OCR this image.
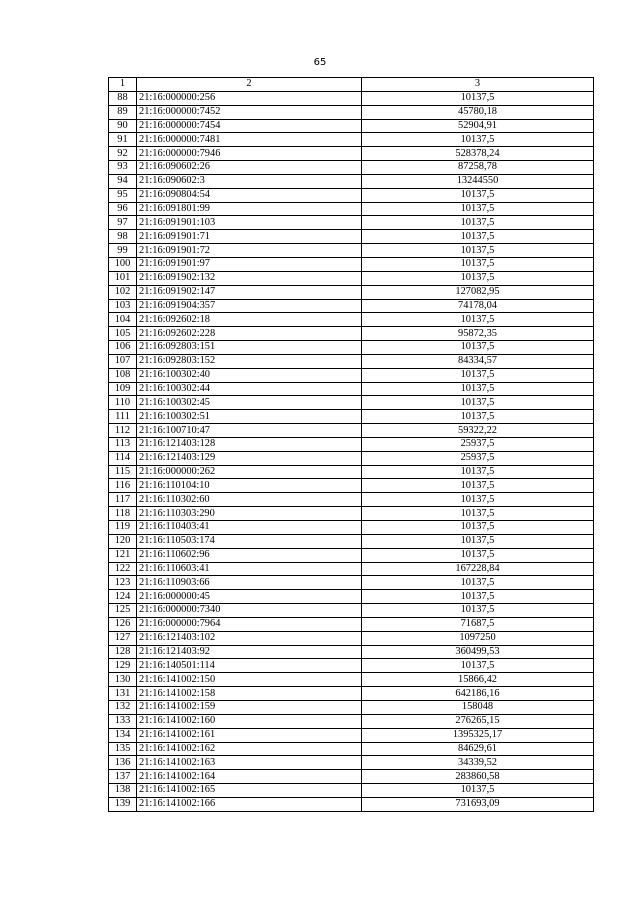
65
1	2	3
88	21:16:000000:256	10137,5
89	21:16:000000:7452	45780,18
90	21:16:000000:7454	52904,91
91	21:16:000000:7481	10137,5
92	21:16:000000:7946	528378,24
93	21:16:090602:26	87258,78
94	21:16:090602:3	13244550
95	21:16:090804:54	10137,5
96	21:16:091801:99	10137,5
97	21:16:091901:103	10137,5
98	21:16:091901:71	10137,5
99	21:16:091901:72	10137,5
100	21:16:091901:97	10137,5
101	21:16:091902:132	10137,5
102	21:16:091902:147	127082,95
103	21:16:091904:357	74178,04
104	21:16:092602:18	10137,5
105	21:16:092602:228	95872,35
106	21:16:092803:151	10137,5
107	21:16:092803:152	84334,57
108	21:16:100302:40	10137,5
109	21:16:100302:44	10137,5
110	21:16:100302:45	10137,5
111	21:16:100302:51	10137,5
112	21:16:100710:47	59322,22
113	21:16:121403:128	25937,5
114	21:16:121403:129	25937,5
115	21:16:000000:262	10137,5
116	21:16:110104:10	10137,5
117	21:16:110302:60	10137,5
118	21:16:110303:290	10137,5
119	21:16:110403:41	10137,5
120	21:16:110503:174	10137,5
121	21:16:110602:96	10137,5
122	21:16:110603:41	167228,84
123	21:16:110903:66	10137,5
124	21:16:000000:45	10137,5
125	21:16:000000:7340	10137,5
126	21:16:000000:7964	71687,5
127	21:16:121403:102	1097250
128	21:16:121403:92	360499,53
129	21:16:140501:114	10137,5
130	21:16:141002:150	15866,42
131	21:16:141002:158	642186,16
132	21:16:141002:159	158048
133	21:16:141002:160	276265,15
134	21:16:141002:161	1395325,17
135	21:16:141002:162	84629,61
136	21:16:141002:163	34339,52
137	21:16:141002:164	283860,58
138	21:16:141002:165	10137,5
139	21:16:141002:166	731693,09
